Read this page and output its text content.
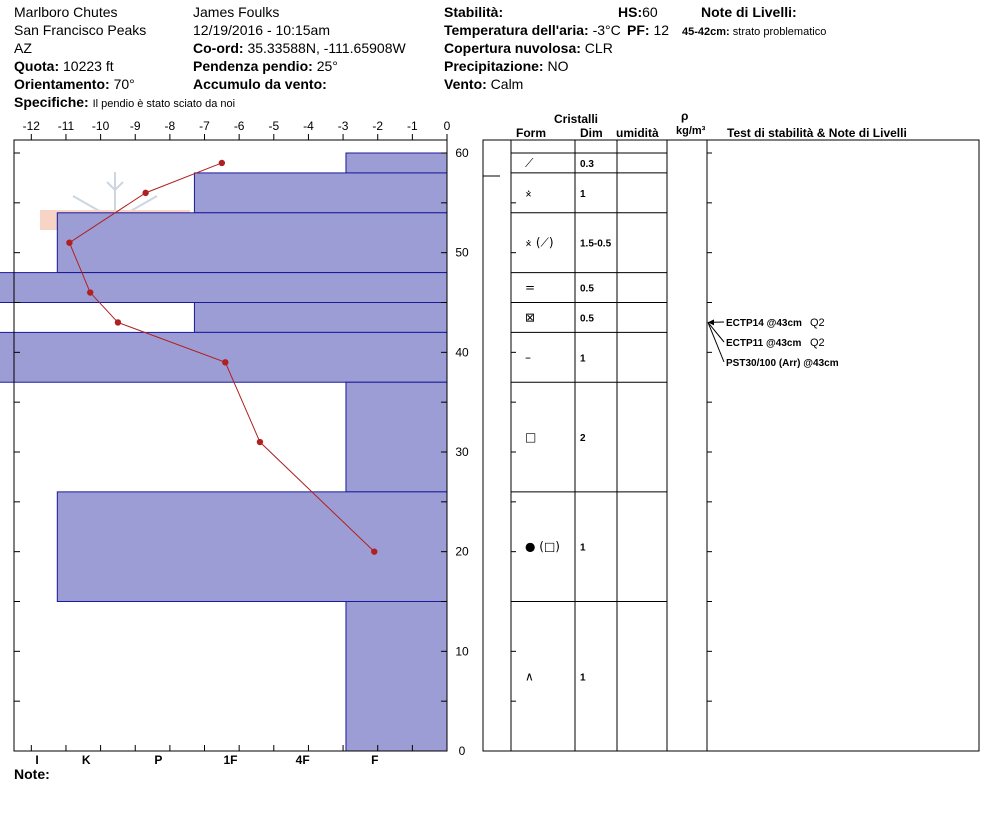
Marlboro Chutes
San Francisco Peaks
AZ
Quota: 10223 ft
Orientamento: 70°
Specifiche: Il pendio è stato sciato da noi
James Foulks
12/19/2016 - 10:15am
Co-ord: 35.33588N, -111.65908W
Pendenza pendio: 25°
Accumulo da vento:
Stabilità:
Temperatura dell'aria: -3°C
Copertura nuvolosa: CLR
Precipitazione: NO
Vento: Calm
HS:60
PF: 12
Note di Livelli:
45-42cm: strato problematico
Cristalli
Form	Dim umidità
ρ
kg/m³ Test di stabilità & Note di Livelli
Note:
-12 -11 -10 -9 -8 -7 -6 -5 -4 -3 -2 -1 0
0
10
20
30
40
50
60
I	K	P	1F	4F	F
⟋	0.3
⨰	1
⨰ (⟋)	1.5-0.5
=	0.5
⊠	0.5
–	1
□	2
● (□) 1
∧	1
ECTP14 @43cm Q2
ECTP11 @43cm Q2
PST30/100 (Arr) @43cm
